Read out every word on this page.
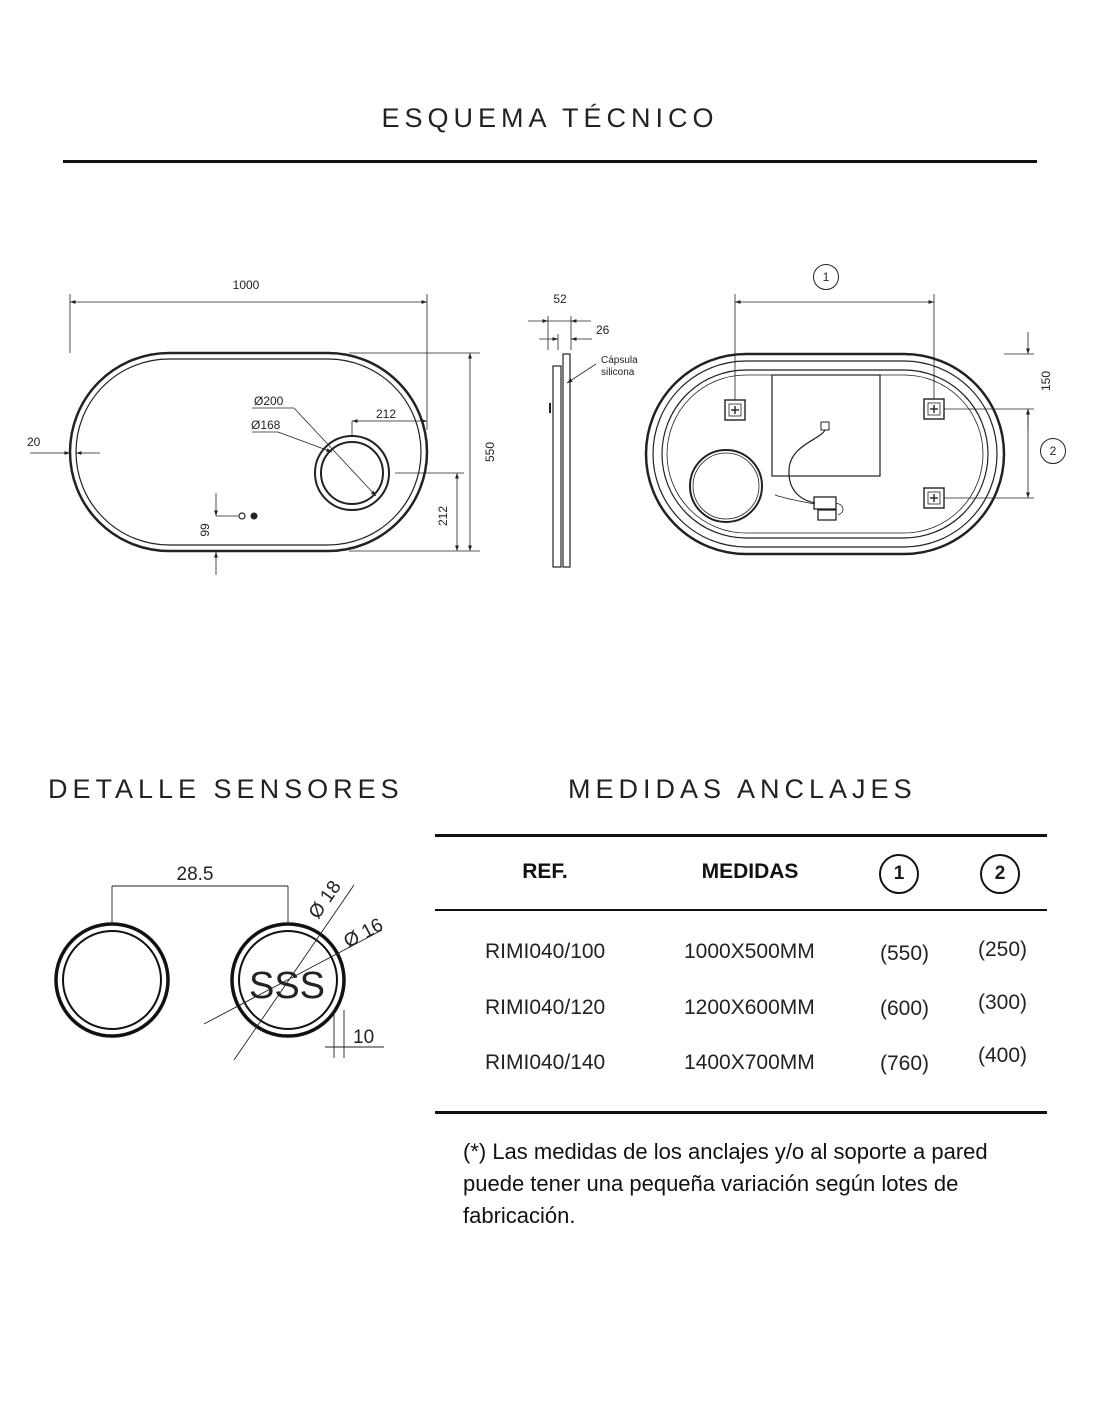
ESQUEMA TÉCNICO
1000
20
Ø200
Ø168
212
550
212
99
52
26
Cápsula
silicona
1
2
150
28.5
Ø 18
Ø 16
10
SSS
DETALLE SENSORES	MEDIDAS ANCLAJES
REF.	MEDIDAS	1	2
RIMI040/100	1000X500MM	(550) (250)
RIMI040/120	1200X600MM	(600) (300)
RIMI040/140	1400X700MM	(760) (400)
(*) Las medidas de los anclajes y/o al soporte a pared puede tener una pequeña variación según lotes de fabricación.
